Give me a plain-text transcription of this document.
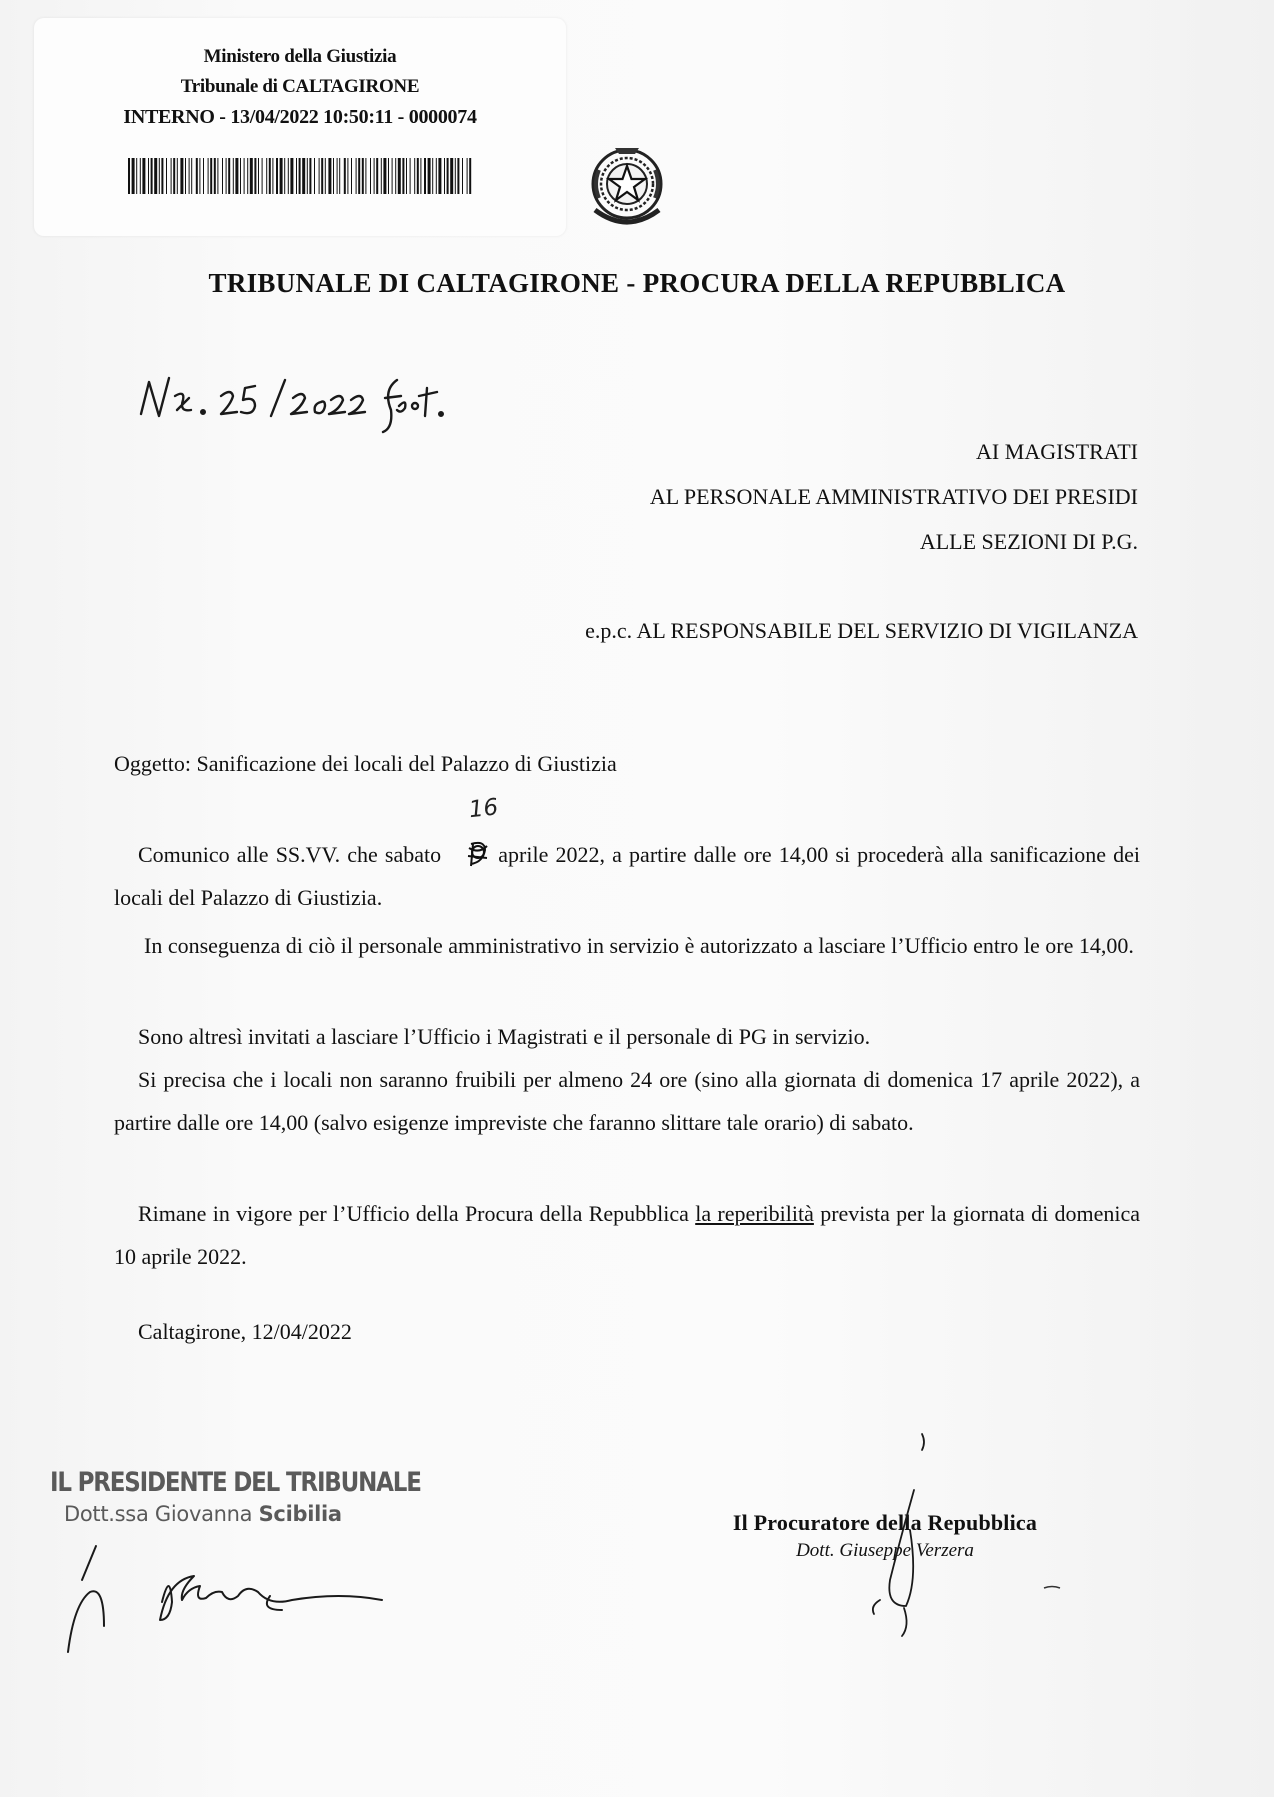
Ministero della Giustizia
Tribunale di CALTAGIRONE
INTERNO - 13/04/2022 10:50:11 - 0000074
TRIBUNALE DI CALTAGIRONE - PROCURA DELLA REPUBBLICA
AI MAGISTRATI
AL PERSONALE AMMINISTRATIVO DEI PRESIDI
ALLE SEZIONI DI P.G.
e.p.c. AL RESPONSABILE DEL SERVIZIO DI VIGILANZA
Oggetto: Sanificazione dei locali del Palazzo di Giustizia
Comunico alle SS.VV. che sabato
16
aprile 2022, a partire dalle ore 14,00 si procederà alla sanificazione dei locali del Palazzo di Giustizia.
In conseguenza di ciò il personale amministrativo in servizio è autorizzato a lasciare l’Ufficio entro le ore 14,00.
Sono altresì invitati a lasciare l’Ufficio i Magistrati e il personale di PG in servizio.
Si precisa che i locali non saranno fruibili per almeno 24 ore (sino alla giornata di domenica 17 aprile 2022), a partire dalle ore 14,00 (salvo esigenze impreviste che faranno slittare tale orario) di sabato.
Rimane in vigore per l’Ufficio della Procura della Repubblica la reperibilità prevista per la giornata di domenica 10 aprile 2022.
Caltagirone, 12/04/2022
IL PRESIDENTE DEL TRIBUNALE
Dott.ssa Giovanna Scibilia	Il Procuratore della Repubblica
Dott. Giuseppe Verzera
